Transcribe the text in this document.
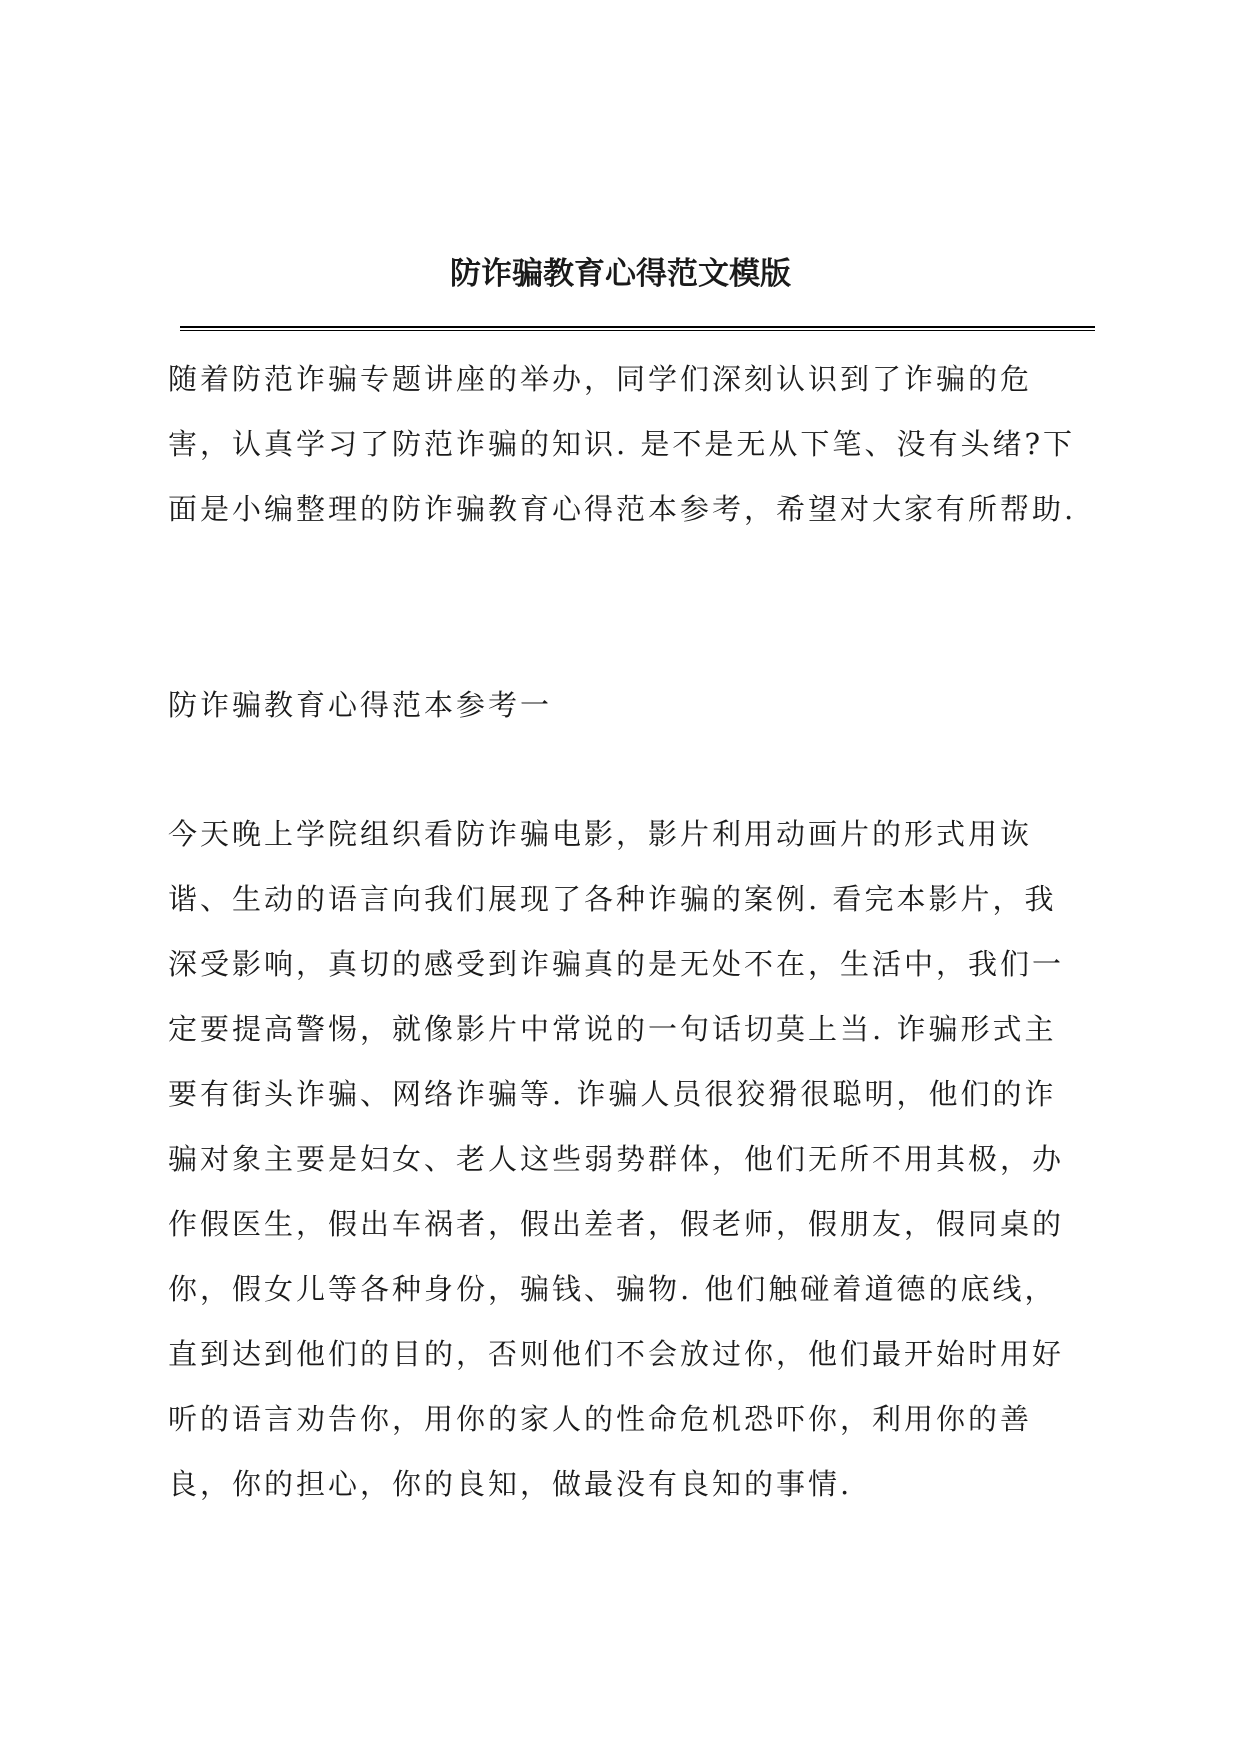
防诈骗教育心得范文模版

随着防范诈骗专题讲座的举办，同学们深刻认识到了诈骗的危害，认真学习了防范诈骗的知识. 是不是无从下笔、没有头绪?下面是小编整理的防诈骗教育心得范本参考，希望对大家有所帮助.

防诈骗教育心得范本参考一

今天晚上学院组织看防诈骗电影，影片利用动画片的形式用诙谐、生动的语言向我们展现了各种诈骗的案例. 看完本影片，我深受影响，真切的感受到诈骗真的是无处不在，生活中，我们一定要提高警惕，就像影片中常说的一句话切莫上当. 诈骗形式主要有街头诈骗、网络诈骗等. 诈骗人员很狡猾很聪明，他们的诈骗对象主要是妇女、老人这些弱势群体，他们无所不用其极，办作假医生，假出车祸者，假出差者，假老师，假朋友，假同桌的你，假女儿等各种身份，骗钱、骗物. 他们触碰着道德的底线，直到达到他们的目的，否则他们不会放过你，他们最开始时用好听的语言劝告你，用你的家人的性命危机恐吓你，利用你的善良，你的担心，你的良知，做最没有良知的事情.
